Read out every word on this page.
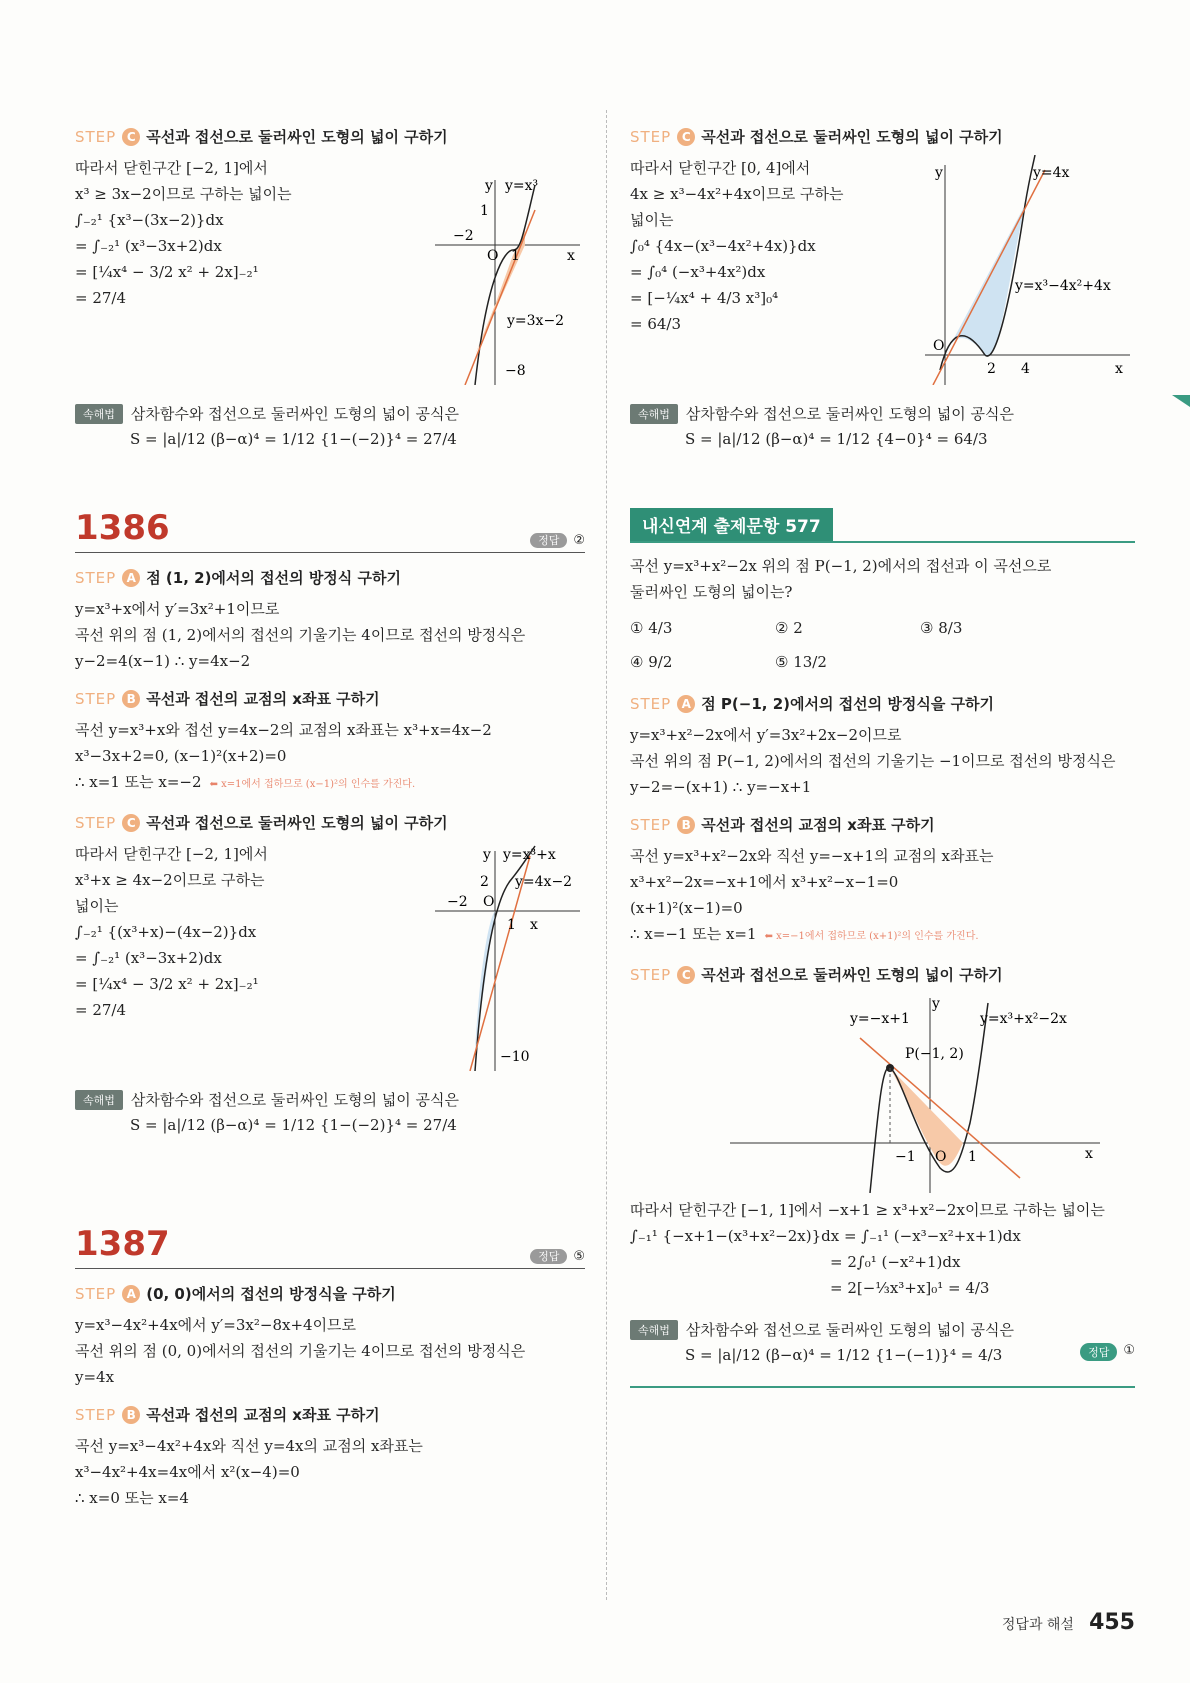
STEP C 곡선과 접선으로 둘러싸인 도형의 넓이 구하기
따라서 닫힌구간 [−2, 1]에서
x³ ≥ 3x−2이므로 구하는 넓이는
∫₋₂¹ {x³−(3x−2)}dx
= ∫₋₂¹ (x³−3x+2)dx
= [¼x⁴ − 3/2 x² + 2x]₋₂¹
= 27/4
y y=x³
1
−2
O 1	x
y=3x−2
−8
속해법	삼차함수와 접선으로 둘러싸인 도형의 넓이 공식은
S = |a|/12 (β−α)⁴ = 1/12 {1−(−2)}⁴ = 27/4
1386	정답 ②
STEP A 점 (1, 2)에서의 접선의 방정식 구하기
y=x³+x에서 y′=3x²+1이므로
곡선 위의 점 (1, 2)에서의 접선의 기울기는 4이므로 접선의 방정식은
y−2=4(x−1) ∴ y=4x−2
STEP B 곡선과 접선의 교점의 x좌표 구하기
곡선 y=x³+x와 접선 y=4x−2의 교점의 x좌표는 x³+x=4x−2
x³−3x+2=0, (x−1)²(x+2)=0
∴ x=1 또는 x=−2 ⬅ x=1에서 접하므로 (x−1)²의 인수를 가진다.
STEP C 곡선과 접선으로 둘러싸인 도형의 넓이 구하기
따라서 닫힌구간 [−2, 1]에서
x³+x ≥ 4x−2이므로 구하는
넓이는
∫₋₂¹ {(x³+x)−(4x−2)}dx
= ∫₋₂¹ (x³−3x+2)dx
= [¼x⁴ − 3/2 x² + 2x]₋₂¹
= 27/4
y y=x³+x
2 y=4x−2
−2 O
1 x
−10
속해법	삼차함수와 접선으로 둘러싸인 도형의 넓이 공식은
S = |a|/12 (β−α)⁴ = 1/12 {1−(−2)}⁴ = 27/4
1387	정답 ⑤
STEP A (0, 0)에서의 접선의 방정식을 구하기
y=x³−4x²+4x에서 y′=3x²−8x+4이므로
곡선 위의 점 (0, 0)에서의 접선의 기울기는 4이므로 접선의 방정식은
y=4x
STEP B 곡선과 접선의 교점의 x좌표 구하기
곡선 y=x³−4x²+4x와 직선 y=4x의 교점의 x좌표는
x³−4x²+4x=4x에서 x²(x−4)=0
∴ x=0 또는 x=4
STEP C 곡선과 접선으로 둘러싸인 도형의 넓이 구하기
따라서 닫힌구간 [0, 4]에서
4x ≥ x³−4x²+4x이므로 구하는
넓이는
∫₀⁴ {4x−(x³−4x²+4x)}dx
= ∫₀⁴ (−x³+4x²)dx
= [−¼x⁴ + 4/3 x³]₀⁴
= 64/3
y	y=4x
y=x³−4x²+4x
O
2 4	x
속해법	삼차함수와 접선으로 둘러싸인 도형의 넓이 공식은
S = |a|/12 (β−α)⁴ = 1/12 {4−0}⁴ = 64/3
내신연계 출제문항 577
곡선 y=x³+x²−2x 위의 점 P(−1, 2)에서의 접선과 이 곡선으로
둘러싸인 도형의 넓이는?
① 4/3	② 2	③ 8/3
④ 9/2	⑤ 13/2
STEP A 점 P(−1, 2)에서의 접선의 방정식을 구하기
y=x³+x²−2x에서 y′=3x²+2x−2이므로
곡선 위의 점 P(−1, 2)에서의 접선의 기울기는 −1이므로 접선의 방정식은
y−2=−(x+1) ∴ y=−x+1
STEP B 곡선과 접선의 교점의 x좌표 구하기
곡선 y=x³+x²−2x와 직선 y=−x+1의 교점의 x좌표는
x³+x²−2x=−x+1에서 x³+x²−x−1=0
(x+1)²(x−1)=0
∴ x=−1 또는 x=1 ⬅ x=−1에서 접하므로 (x+1)²의 인수를 가진다.
STEP C 곡선과 접선으로 둘러싸인 도형의 넓이 구하기
y
y=−x+1	y=x³+x²−2x
P(−1, 2)
−1 O 1	x
따라서 닫힌구간 [−1, 1]에서 −x+1 ≥ x³+x²−2x이므로 구하는 넓이는
∫₋₁¹ {−x+1−(x³+x²−2x)}dx = ∫₋₁¹ (−x³−x²+x+1)dx
= 2∫₀¹ (−x²+1)dx
= 2[−⅓x³+x]₀¹ = 4/3
속해법	삼차함수와 접선으로 둘러싸인 도형의 넓이 공식은
S = |a|/12 (β−α)⁴ = 1/12 {1−(−1)}⁴ = 4/3	정답	①
정답과 해설 455
